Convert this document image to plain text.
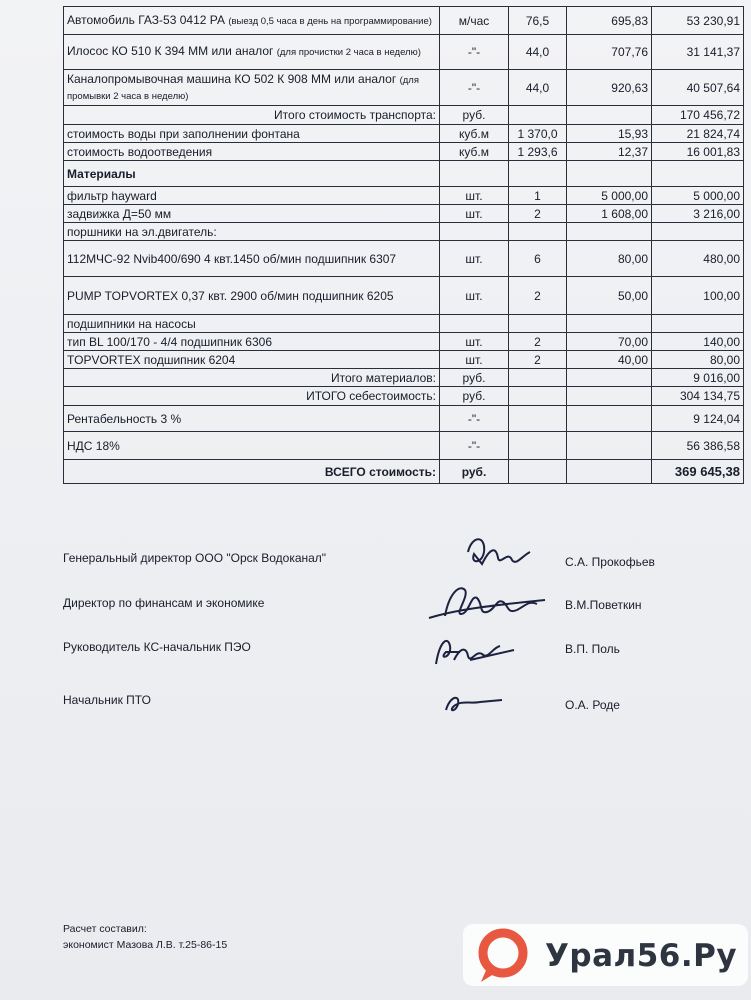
Автомобиль ГАЗ-53 0412 РА (выезд 0,5 часа в день на программирование)	м/час	76,5	695,83	53 230,91
Илосос КО 510 К 394 ММ или аналог (для прочистки 2 часа в неделю)	-"-	44,0	707,76	31 141,37
Каналопромывочная машина КО 502 К 908 ММ или аналог (для промывки 2 часа в неделю)	-"-	44,0	920,63	40 507,64
Итого стоимость транспорта:	руб.			170 456,72
стоимость воды при заполнении фонтана	куб.м	1 370,0	15,93	21 824,74
стоимость водоотведения	куб.м	1 293,6	12,37	16 001,83
Материалы				
фильтр hayward	шт.	1	5 000,00	5 000,00
задвижка Д=50 мм	шт.	2	1 608,00	3 216,00
поршники на эл.двигатель:				
112МЧС-92 Nvib400/690 4 квт.1450 об/мин подшипник 6307	шт.	6	80,00	480,00
PUMP TOPVORTEX 0,37 квт. 2900 об/мин подшипник 6205	шт.	2	50,00	100,00
подшипники на насосы				
тип BL 100/170 - 4/4 подшипник 6306	шт.	2	70,00	140,00
TOPVORTEX подшипник 6204	шт.	2	40,00	80,00
Итого материалов:	руб.			9 016,00
ИТОГО себестоимость:	руб.			304 134,75
Рентабельность 3 %	-"-			9 124,04
НДС 18%	-"-			56 386,58
ВСЕГО стоимость:	руб.			369 645,38
Генеральный директор ООО "Орск Водоканал"	С.А. Прокофьев
Директор по финансам и экономике	В.М.Поветкин
Руководитель КС-начальник ПЭО	В.П. Поль
Начальник ПТО	О.А. Роде
Расчет составил:
экономист Мазова Л.В. т.25-86-15	Урал56.Ру
